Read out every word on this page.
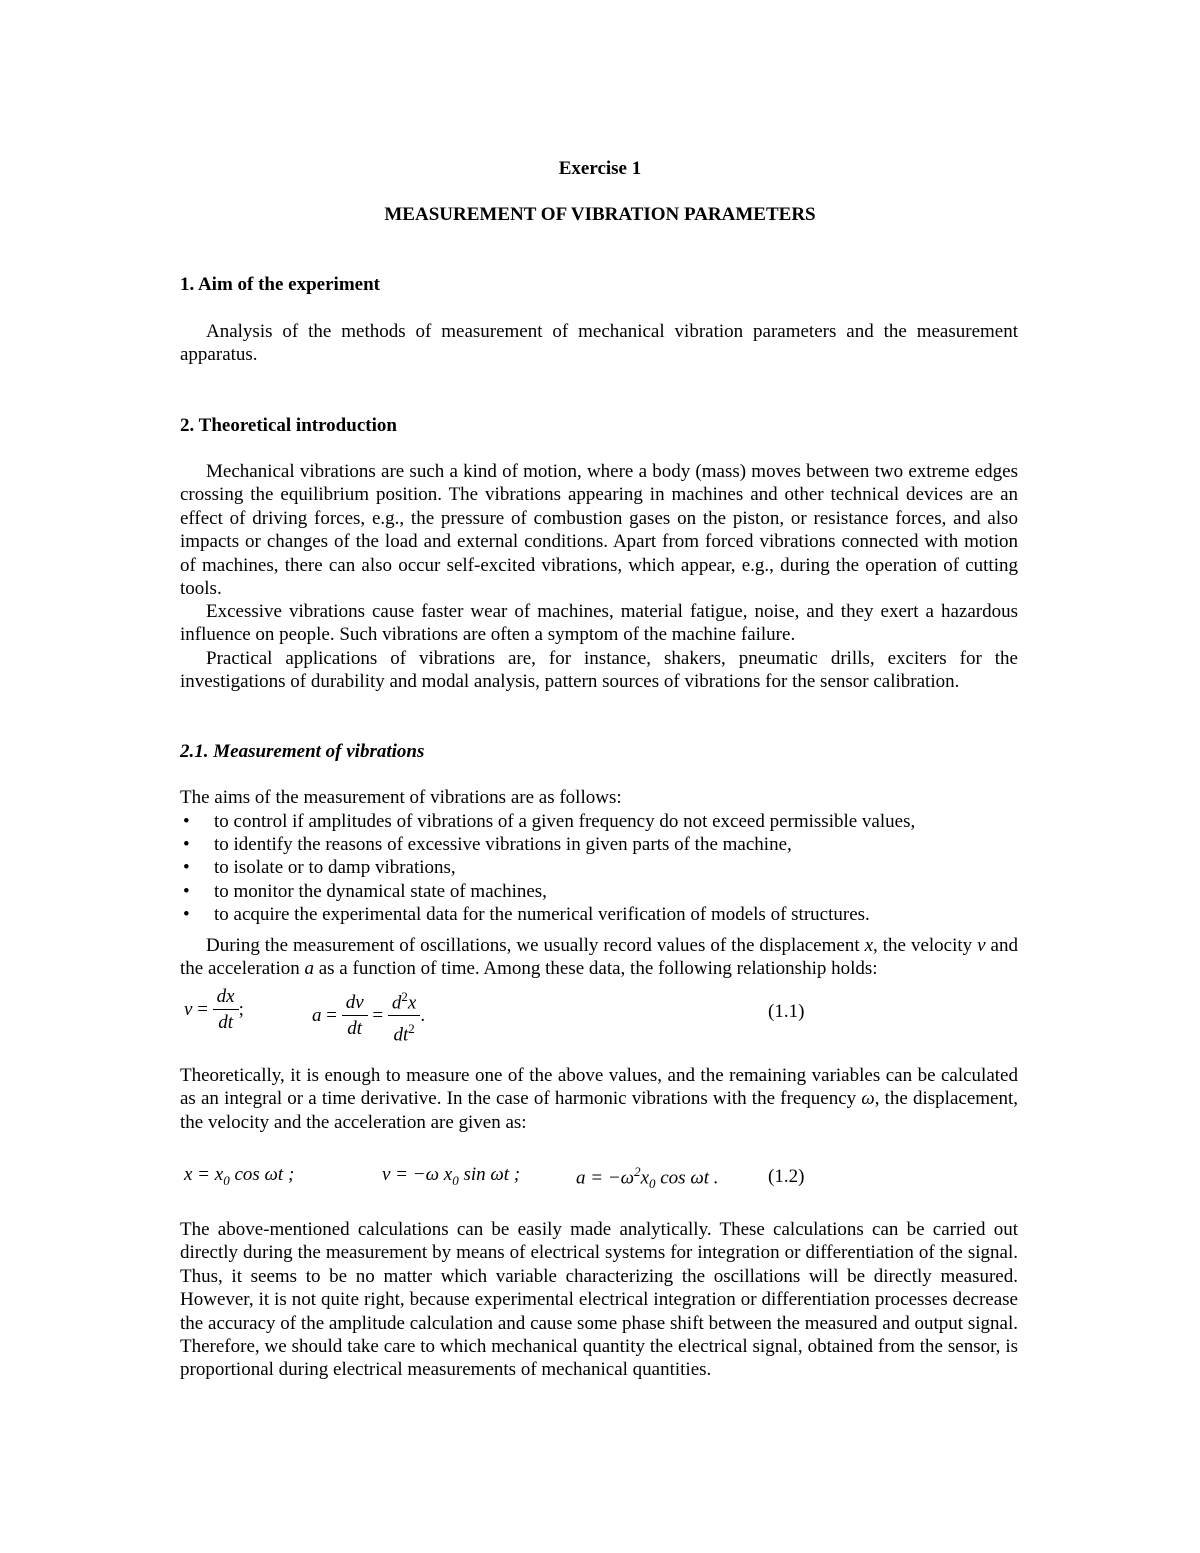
Exercise 1
MEASUREMENT OF VIBRATION PARAMETERS
1. Aim of the experiment
Analysis of the methods of measurement of mechanical vibration parameters and the measurement apparatus.
2. Theoretical introduction
Mechanical vibrations are such a kind of motion, where a body (mass) moves between two extreme edges crossing the equilibrium position. The vibrations appearing in machines and other technical devices are an effect of driving forces, e.g., the pressure of combustion gases on the piston, or resistance forces, and also impacts or changes of the load and external conditions. Apart from forced vibrations connected with motion of machines, there can also occur self-excited vibrations, which appear, e.g., during the operation of cutting tools.
Excessive vibrations cause faster wear of machines, material fatigue, noise, and they exert a hazardous influence on people. Such vibrations are often a symptom of the machine failure.
Practical applications of vibrations are, for instance, shakers, pneumatic drills, exciters for the investigations of durability and modal analysis, pattern sources of vibrations for the sensor calibration.
2.1. Measurement of vibrations
The aims of the measurement of vibrations are as follows:
• to control if amplitudes of vibrations of a given frequency do not exceed permissible values,
• to identify the reasons of excessive vibrations in given parts of the machine,
• to isolate or to damp vibrations,
• to monitor the dynamical state of machines,
• to acquire the experimental data for the numerical verification of models of structures.
During the measurement of oscillations, we usually record values of the displacement x, the velocity v and the acceleration a as a function of time. Among these data, the following relationship holds:
$v = \frac{dx}{dt}$ ;	$a = \frac{dv}{dt} = \frac{d^2x}{dt^2}$ .	(1.1)
Theoretically, it is enough to measure one of the above values, and the remaining variables can be calculated as an integral or a time derivative. In the case of harmonic vibrations with the frequency ω, the displacement, the velocity and the acceleration are given as:
$x = x_0$ cos ωt ;	v = −ω $x_0$ sin ωt ;	$a = -\omega^2x_0$ cos ωt .	(1.2)
The above-mentioned calculations can be easily made analytically. These calculations can be carried out directly during the measurement by means of electrical systems for integration or differentiation of the signal. Thus, it seems to be no matter which variable characterizing the oscillations will be directly measured. However, it is not quite right, because experimental electrical integration or differentiation processes decrease the accuracy of the amplitude calculation and cause some phase shift between the measured and output signal. Therefore, we should take care to which mechanical quantity the electrical signal, obtained from the sensor, is proportional during electrical measurements of mechanical quantities.
